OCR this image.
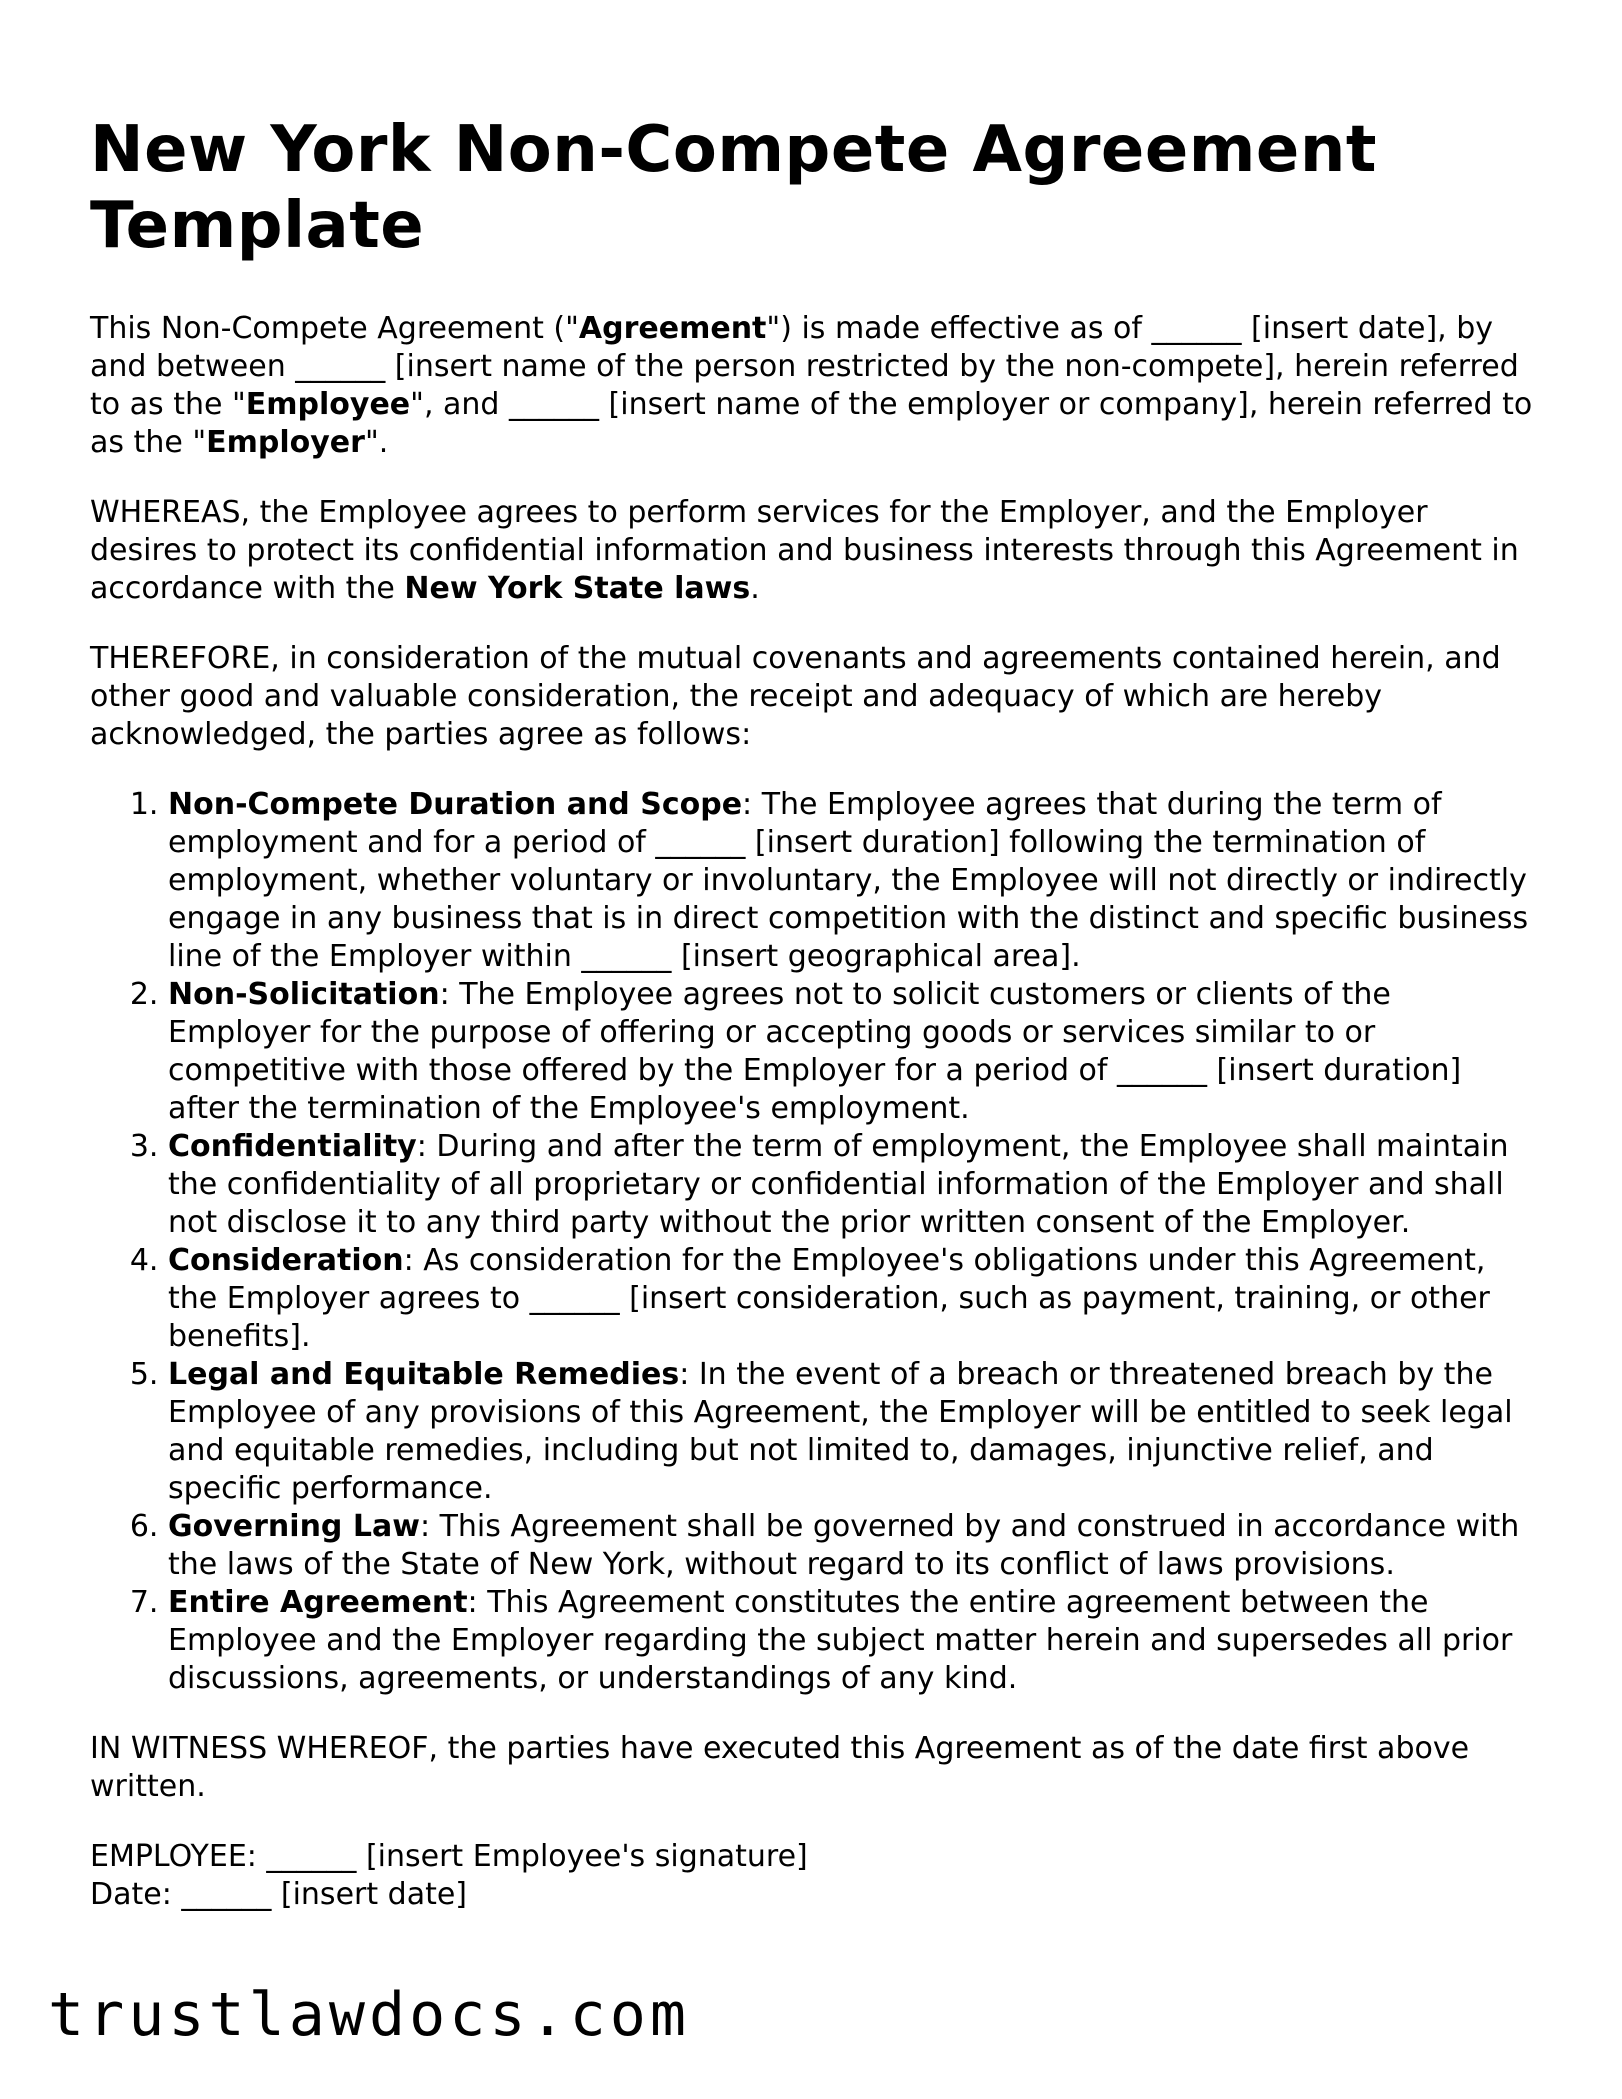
New York Non-Compete Agreement Template

This Non-Compete Agreement ("Agreement") is made effective as of ______ [insert date], by and between ______ [insert name of the person restricted by the non-compete], herein referred to as the "Employee", and ______ [insert name of the employer or company], herein referred to as the "Employer".

WHEREAS, the Employee agrees to perform services for the Employer, and the Employer desires to protect its confidential information and business interests through this Agreement in accordance with the New York State laws.

THEREFORE, in consideration of the mutual covenants and agreements contained herein, and other good and valuable consideration, the receipt and adequacy of which are hereby acknowledged, the parties agree as follows:

1. Non-Compete Duration and Scope: The Employee agrees that during the term of employment and for a period of ______ [insert duration] following the termination of employment, whether voluntary or involuntary, the Employee will not directly or indirectly engage in any business that is in direct competition with the distinct and specific business line of the Employer within ______ [insert geographical area].
2. Non-Solicitation: The Employee agrees not to solicit customers or clients of the Employer for the purpose of offering or accepting goods or services similar to or competitive with those offered by the Employer for a period of ______ [insert duration] after the termination of the Employee's employment.
3. Confidentiality: During and after the term of employment, the Employee shall maintain the confidentiality of all proprietary or confidential information of the Employer and shall not disclose it to any third party without the prior written consent of the Employer.
4. Consideration: As consideration for the Employee's obligations under this Agreement, the Employer agrees to ______ [insert consideration, such as payment, training, or other benefits].
5. Legal and Equitable Remedies: In the event of a breach or threatened breach by the Employee of any provisions of this Agreement, the Employer will be entitled to seek legal and equitable remedies, including but not limited to, damages, injunctive relief, and specific performance.
6. Governing Law: This Agreement shall be governed by and construed in accordance with the laws of the State of New York, without regard to its conflict of laws provisions.
7. Entire Agreement: This Agreement constitutes the entire agreement between the Employee and the Employer regarding the subject matter herein and supersedes all prior discussions, agreements, or understandings of any kind.

IN WITNESS WHEREOF, the parties have executed this Agreement as of the date first above written.

EMPLOYEE: ______ [insert Employee's signature]

Date: ______ [insert date]

trustlawdocs.com
